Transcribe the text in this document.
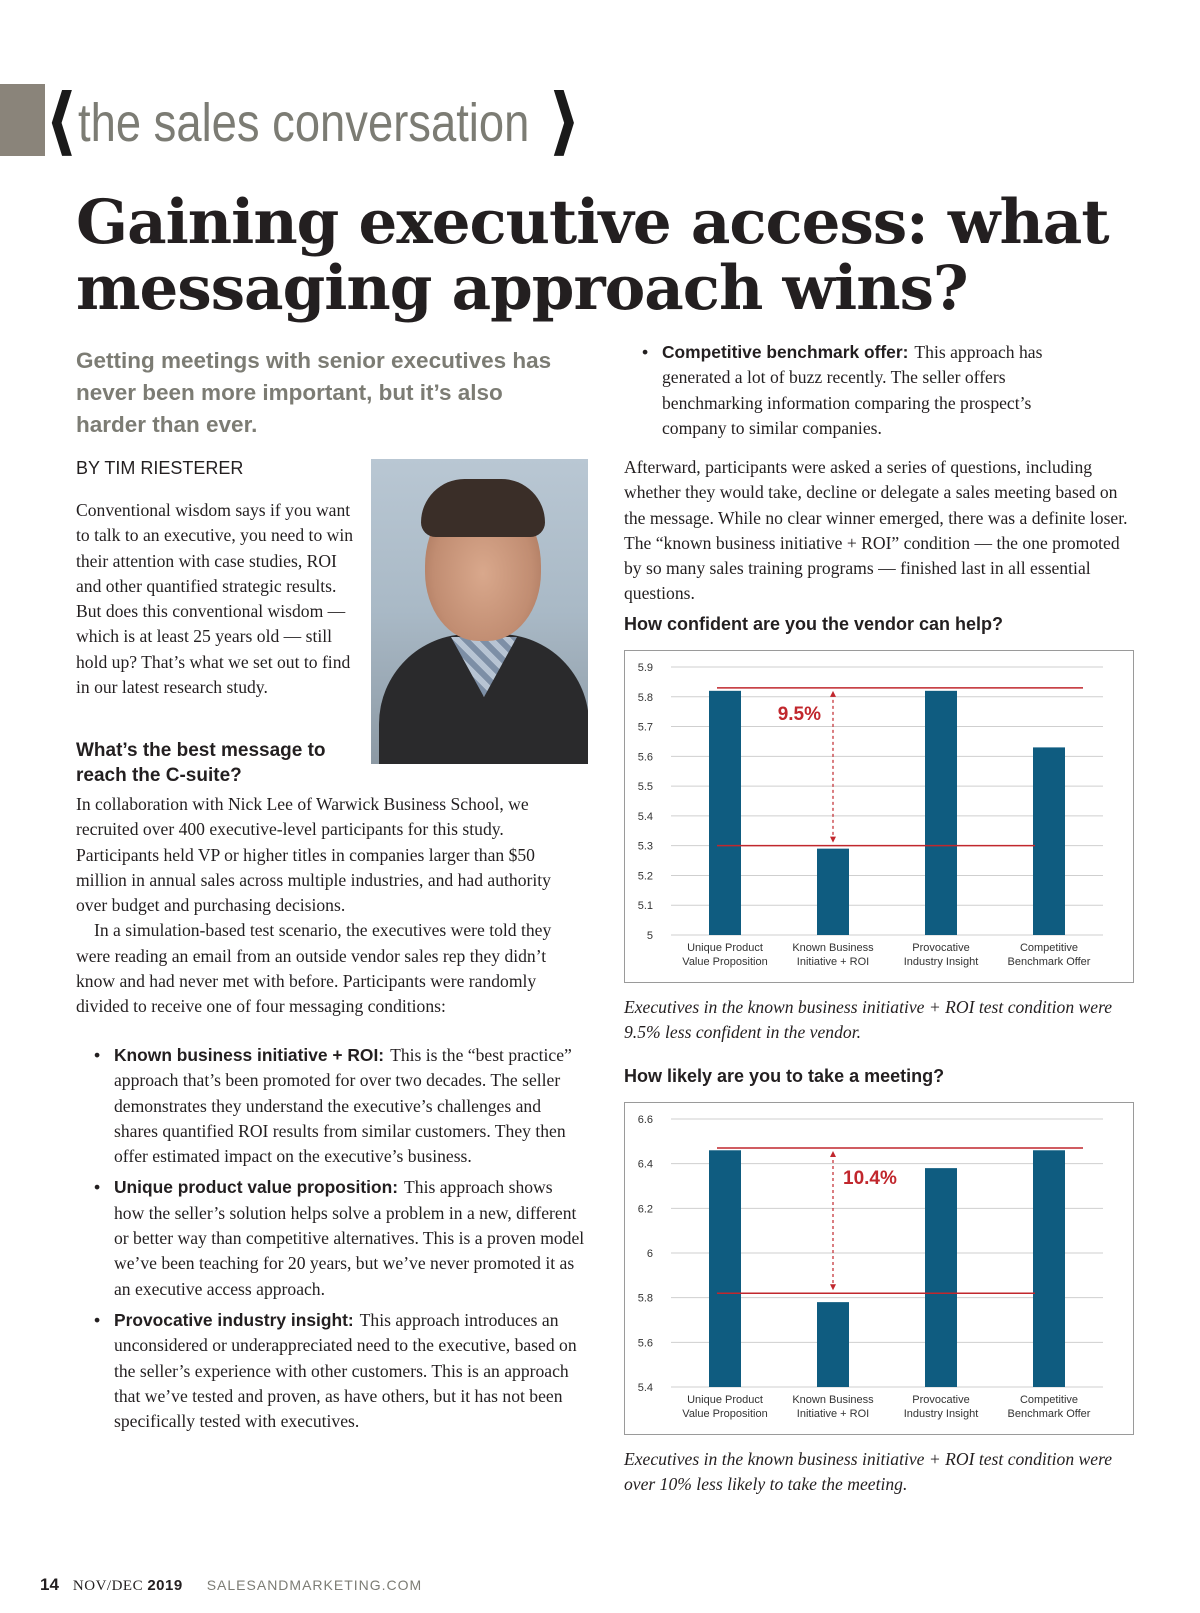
⟨ the sales conversation ⟩
Gaining executive access: what messaging approach wins?

Getting meetings with senior executives has never been more important, but it’s also harder than ever.

BY TIM RIESTERER

Conventional wisdom says if you want to talk to an executive, you need to win their attention with case studies, ROI and other quantified strategic results. But does this conventional wisdom — which is at least 25 years old — still hold up? That’s what we set out to find in our latest research study.

What’s the best message to reach the C-suite?

In collaboration with Nick Lee of Warwick Business School, we recruited over 400 executive-level participants for this study. Participants held VP or higher titles in companies larger than $50 million in annual sales across multiple industries, and had authority over budget and purchasing decisions.

In a simulation-based test scenario, the executives were told they were reading an email from an outside vendor sales rep they didn’t know and had never met with before. Participants were randomly divided to receive one of four messaging conditions:

• Known business initiative + ROI: This is the “best practice” approach that’s been promoted for over two decades. The seller demonstrates they understand the executive’s challenges and shares quantified ROI results from similar customers. They then offer estimated impact on the executive’s business.
• Unique product value proposition: This approach shows how the seller’s solution helps solve a problem in a new, different or better way than competitive alternatives. This is a proven model we’ve been teaching for 20 years, but we’ve never promoted it as an executive access approach.
• Provocative industry insight: This approach introduces an unconsidered or underappreciated need to the executive, based on the seller’s experience with other customers. This is an approach that we’ve tested and proven, as have others, but it has not been specifically tested with executives.
• Competitive benchmark offer: This approach has generated a lot of buzz recently. The seller offers benchmarking information comparing the prospect’s company to similar companies.

Afterward, participants were asked a series of questions, including whether they would take, decline or delegate a sales meeting based on the message. While no clear winner emerged, there was a definite loser. The “known business initiative + ROI” condition — the one promoted by so many sales training programs — finished last in all essential questions.

How confident are you the vendor can help?
5
5.1
5.2
5.3
5.4
5.5
5.6
5.7
5.8
5.9
Unique Product
Value Proposition
Known Business
Initiative + ROI
Provocative
Industry Insight
Competitive
Benchmark Offer
9.5%

Executives in the known business initiative + ROI test condition were 9.5% less confident in the vendor.

How likely are you to take a meeting?
5.4
5.6
5.8
6
6.2
6.4
6.6
Unique Product
Value Proposition
Known Business
Initiative + ROI
Provocative
Industry Insight
Competitive
Benchmark Offer
10.4%

Executives in the known business initiative + ROI test condition were over 10% less likely to take the meeting.

14 NOV/DEC 2019 SALESANDMARKETING.COM
